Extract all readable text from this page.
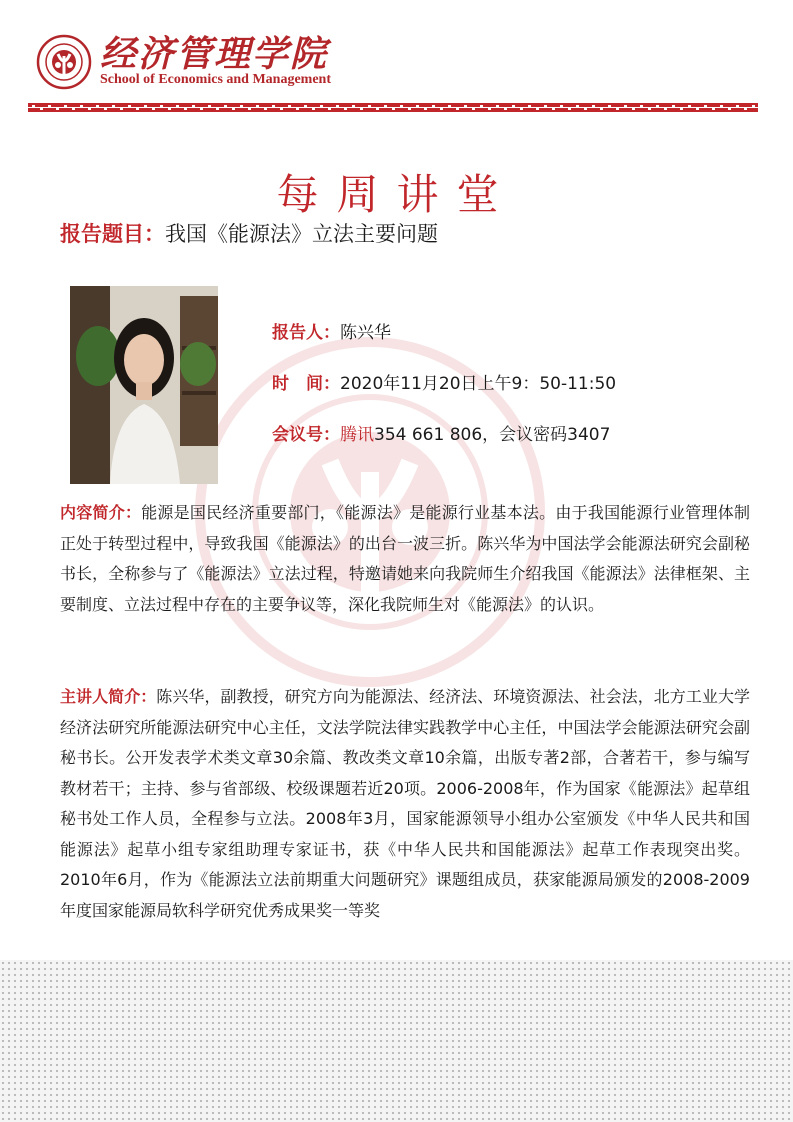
经济管理学院
School of Economics and Management
每周讲堂
报告题目：我国《能源法》立法主要问题
报告人：陈兴华
时　间：2020年11月20日上午9：50-11:50
会议号：腾讯354 661 806，会议密码3407
内容简介：能源是国民经济重要部门，《能源法》是能源行业基本法。由于我国能源行业管理体制正处于转型过程中，导致我国《能源法》的出台一波三折。陈兴华为中国法学会能源法研究会副秘书长，全称参与了《能源法》立法过程，特邀请她来向我院师生介绍我国《能源法》法律框架、主要制度、立法过程中存在的主要争议等，深化我院师生对《能源法》的认识。
主讲人简介：陈兴华，副教授，研究方向为能源法、经济法、环境资源法、社会法，北方工业大学经济法研究所能源法研究中心主任，文法学院法律实践教学中心主任，中国法学会能源法研究会副秘书长。公开发表学术类文章30余篇、教改类文章10余篇，出版专著2部，合著若干，参与编写教材若干；主持、参与省部级、校级课题若近20项。2006-2008年，作为国家《能源法》起草组秘书处工作人员，全程参与立法。2008年3月，国家能源领导小组办公室颁发《中华人民共和国能源法》起草小组专家组助理专家证书，获《中华人民共和国能源法》起草工作表现突出奖。2010年6月，作为《能源法立法前期重大问题研究》课题组成员，获家能源局颁发的2008-2009年度国家能源局软科学研究优秀成果奖一等奖
